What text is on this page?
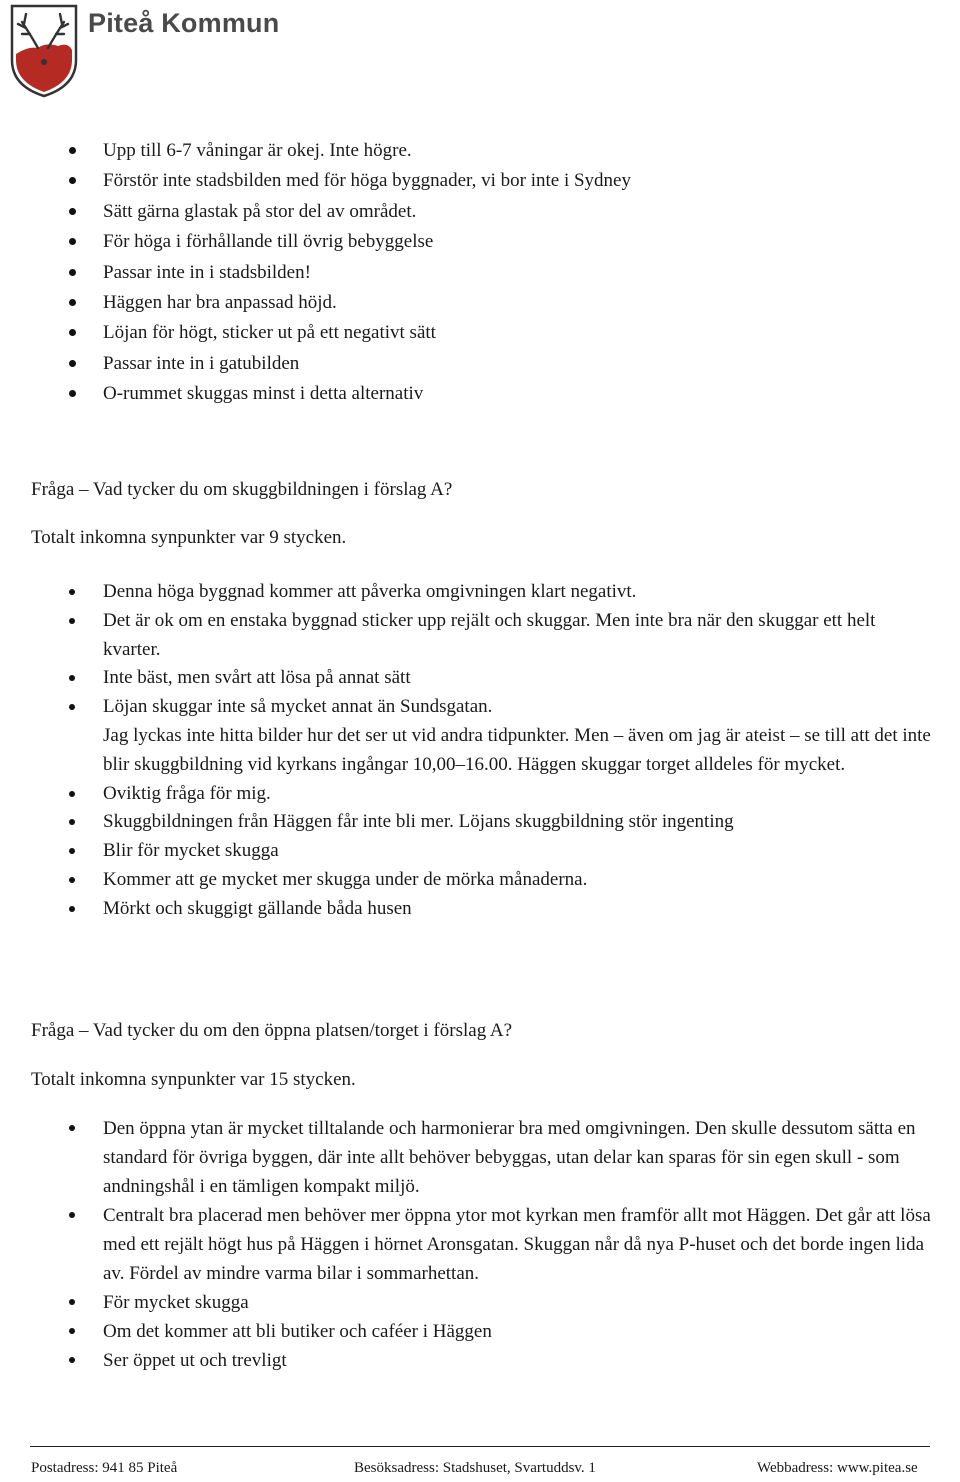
Piteå Kommun
Upp till 6-7 våningar är okej. Inte högre.
Förstör inte stadsbilden med för höga byggnader, vi bor inte i Sydney
Sätt gärna glastak på stor del av området.
För höga i förhållande till övrig bebyggelse
Passar inte in i stadsbilden!
Häggen har bra anpassad höjd.
Löjan för högt, sticker ut på ett negativt sätt
Passar inte in i gatubilden
O-rummet skuggas minst i detta alternativ
Fråga – Vad tycker du om skuggbildningen i förslag A?
Totalt inkomna synpunkter var 9 stycken.
Denna höga byggnad kommer att påverka omgivningen klart negativt.
Det är ok om en enstaka byggnad sticker upp rejält och skuggar. Men inte bra när den skuggar ett helt kvarter.
Inte bäst, men svårt att lösa på annat sätt
Löjan skuggar inte så mycket annat än Sundsgatan.
Jag lyckas inte hitta bilder hur det ser ut vid andra tidpunkter. Men – även om jag är ateist – se till att det inte blir skuggbildning vid kyrkans ingångar 10,00–16.00. Häggen skuggar torget alldeles för mycket.
Oviktig fråga för mig.
Skuggbildningen från Häggen får inte bli mer. Löjans skuggbildning stör ingenting
Blir för mycket skugga
Kommer att ge mycket mer skugga under de mörka månaderna.
Mörkt och skuggigt gällande båda husen
Fråga – Vad tycker du om den öppna platsen/torget i förslag A?
Totalt inkomna synpunkter var 15 stycken.
Den öppna ytan är mycket tilltalande och harmonierar bra med omgivningen. Den skulle dessutom sätta en standard för övriga byggen, där inte allt behöver bebyggas, utan delar kan sparas för sin egen skull - som andningshål i en tämligen kompakt miljö.
Centralt bra placerad men behöver mer öppna ytor mot kyrkan men framför allt mot Häggen. Det går att lösa med ett rejält högt hus på Häggen i hörnet Aronsgatan. Skuggan når då nya P-huset och det borde ingen lida av. Fördel av mindre varma bilar i sommarhettan.
För mycket skugga
Om det kommer att bli butiker och caféer i Häggen
Ser öppet ut och trevligt
Postadress: 941 85 Piteå	Besöksadress: Stadshuset, Svartuddsv. 1	Webbadress: www.pitea.se
